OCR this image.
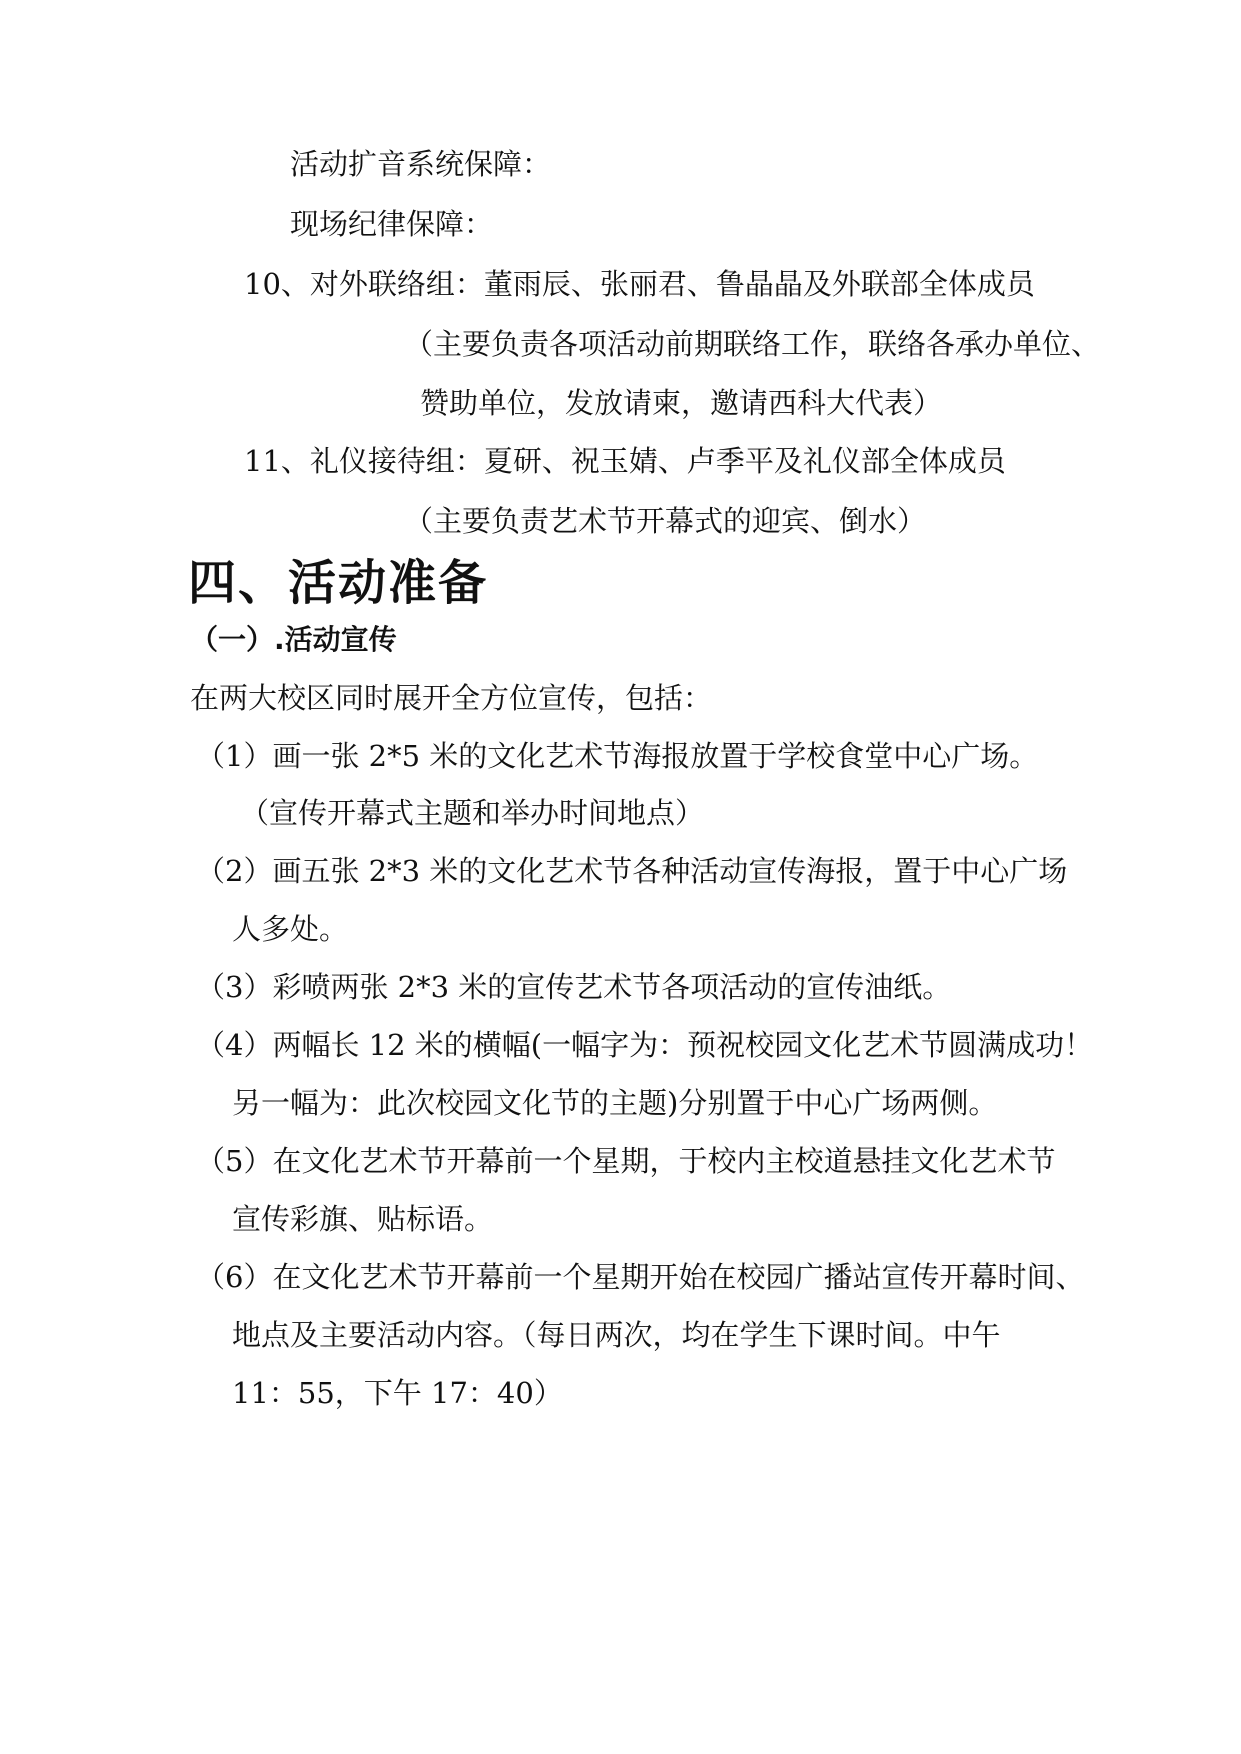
活动扩音系统保障：
现场纪律保障：
10、对外联络组：董雨辰、张丽君、鲁晶晶及外联部全体成员
（主要负责各项活动前期联络工作，联络各承办单位、
赞助单位，发放请柬，邀请西科大代表）
11、礼仪接待组：夏研、祝玉婧、卢季平及礼仪部全体成员
（主要负责艺术节开幕式的迎宾、倒水）
四、活动准备
（一）.活动宣传
在两大校区同时展开全方位宣传，包括：
（1）画一张 2*5 米的文化艺术节海报放置于学校食堂中心广场。
（宣传开幕式主题和举办时间地点）
（2）画五张 2*3 米的文化艺术节各种活动宣传海报，置于中心广场
人多处。
（3）彩喷两张 2*3 米的宣传艺术节各项活动的宣传油纸。
（4）两幅长 12 米的横幅(一幅字为：预祝校园文化艺术节圆满成功！
另一幅为：此次校园文化节的主题)分别置于中心广场两侧。
（5）在文化艺术节开幕前一个星期，于校内主校道悬挂文化艺术节
宣传彩旗、贴标语。
（6）在文化艺术节开幕前一个星期开始在校园广播站宣传开幕时间、
地点及主要活动内容。（每日两次，均在学生下课时间。中午
11：55，下午 17：40）
